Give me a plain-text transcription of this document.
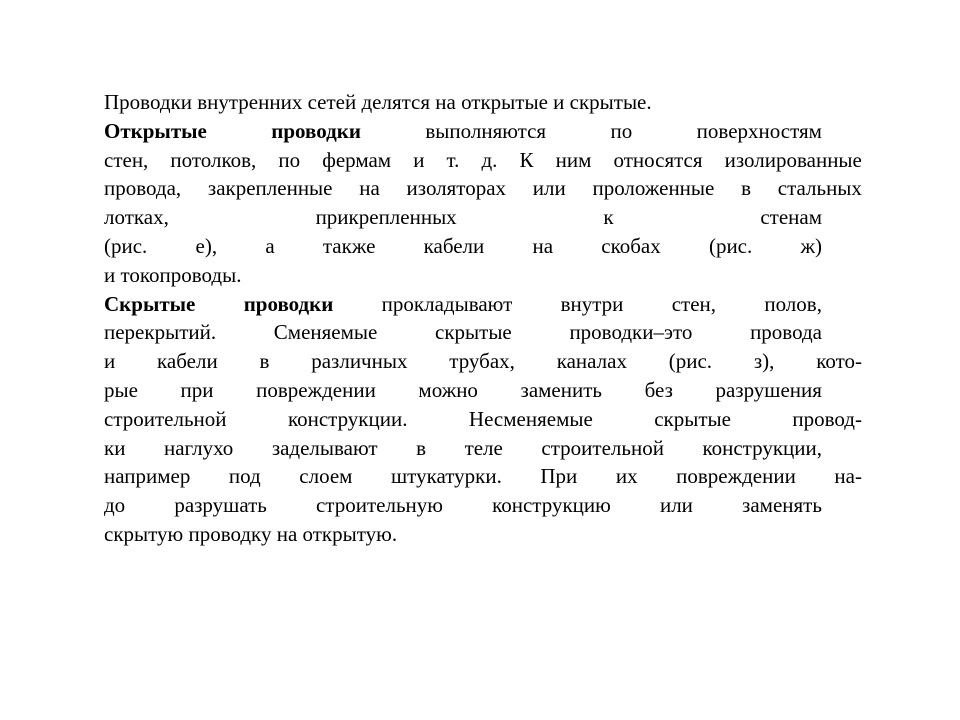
Проводки внутренних сетей делятся на открытые и скрытые.
Открытые	проводки	выполняются	по	поверхностям
стен, потолков, по фермам и т. д. К ним относятся изолированные
провода, закрепленные на изоляторах или проложенные в стальных
лотках,	прикрепленных	к	стенам
(рис. е), а также кабели на скобах (рис. ж)
и токопроводы.
Скрытые проводки прокладывают внутри стен, полов,
перекрытий.	Сменяемые	скрытые	проводки–это	провода
и кабели в различных трубах, каналах (рис. з), кото-
рые при повреждении можно заменить без разрушения
строительной	конструкции.	Несменяемые	скрытые	провод-
ки наглухо заделывают в теле строительной конструкции,
например под слоем штукатурки. При их повреждении на-
до разрушать строительную конструкцию или заменять
скрытую проводку на открытую.
